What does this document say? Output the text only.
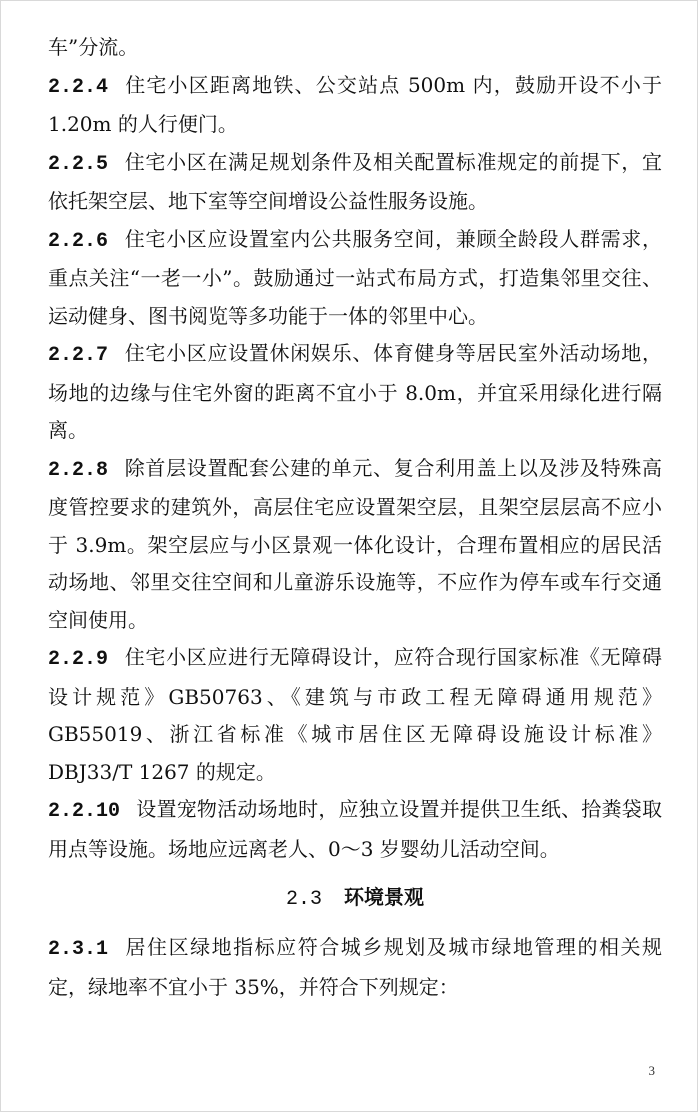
车”分流。

2.2.4 住宅小区距离地铁、公交站点 500m 内，鼓励开设不小于 1.20m 的人行便门。

2.2.5 住宅小区在满足规划条件及相关配置标准规定的前提下，宜依托架空层、地下室等空间增设公益性服务设施。

2.2.6 住宅小区应设置室内公共服务空间，兼顾全龄段人群需求，重点关注“一老一小”。鼓励通过一站式布局方式，打造集邻里交往、运动健身、图书阅览等多功能于一体的邻里中心。

2.2.7 住宅小区应设置休闲娱乐、体育健身等居民室外活动场地，场地的边缘与住宅外窗的距离不宜小于 8.0m，并宜采用绿化进行隔离。

2.2.8 除首层设置配套公建的单元、复合利用盖上以及涉及特殊高度管控要求的建筑外，高层住宅应设置架空层，且架空层层高不应小于 3.9m。架空层应与小区景观一体化设计，合理布置相应的居民活动场地、邻里交往空间和儿童游乐设施等，不应作为停车或车行交通空间使用。

2.2.9 住宅小区应进行无障碍设计，应符合现行国家标准《无障碍设计规范》GB50763、《建筑与市政工程无障碍通用规范》GB55019、浙江省标准《城市居住区无障碍设施设计标准》DBJ33/T 1267 的规定。

2.2.10 设置宠物活动场地时，应独立设置并提供卫生纸、拾粪袋取用点等设施。场地应远离老人、0～3 岁婴幼儿活动空间。

2.3 环境景观

2.3.1 居住区绿地指标应符合城乡规划及城市绿地管理的相关规定，绿地率不宜小于 35%，并符合下列规定：

3
